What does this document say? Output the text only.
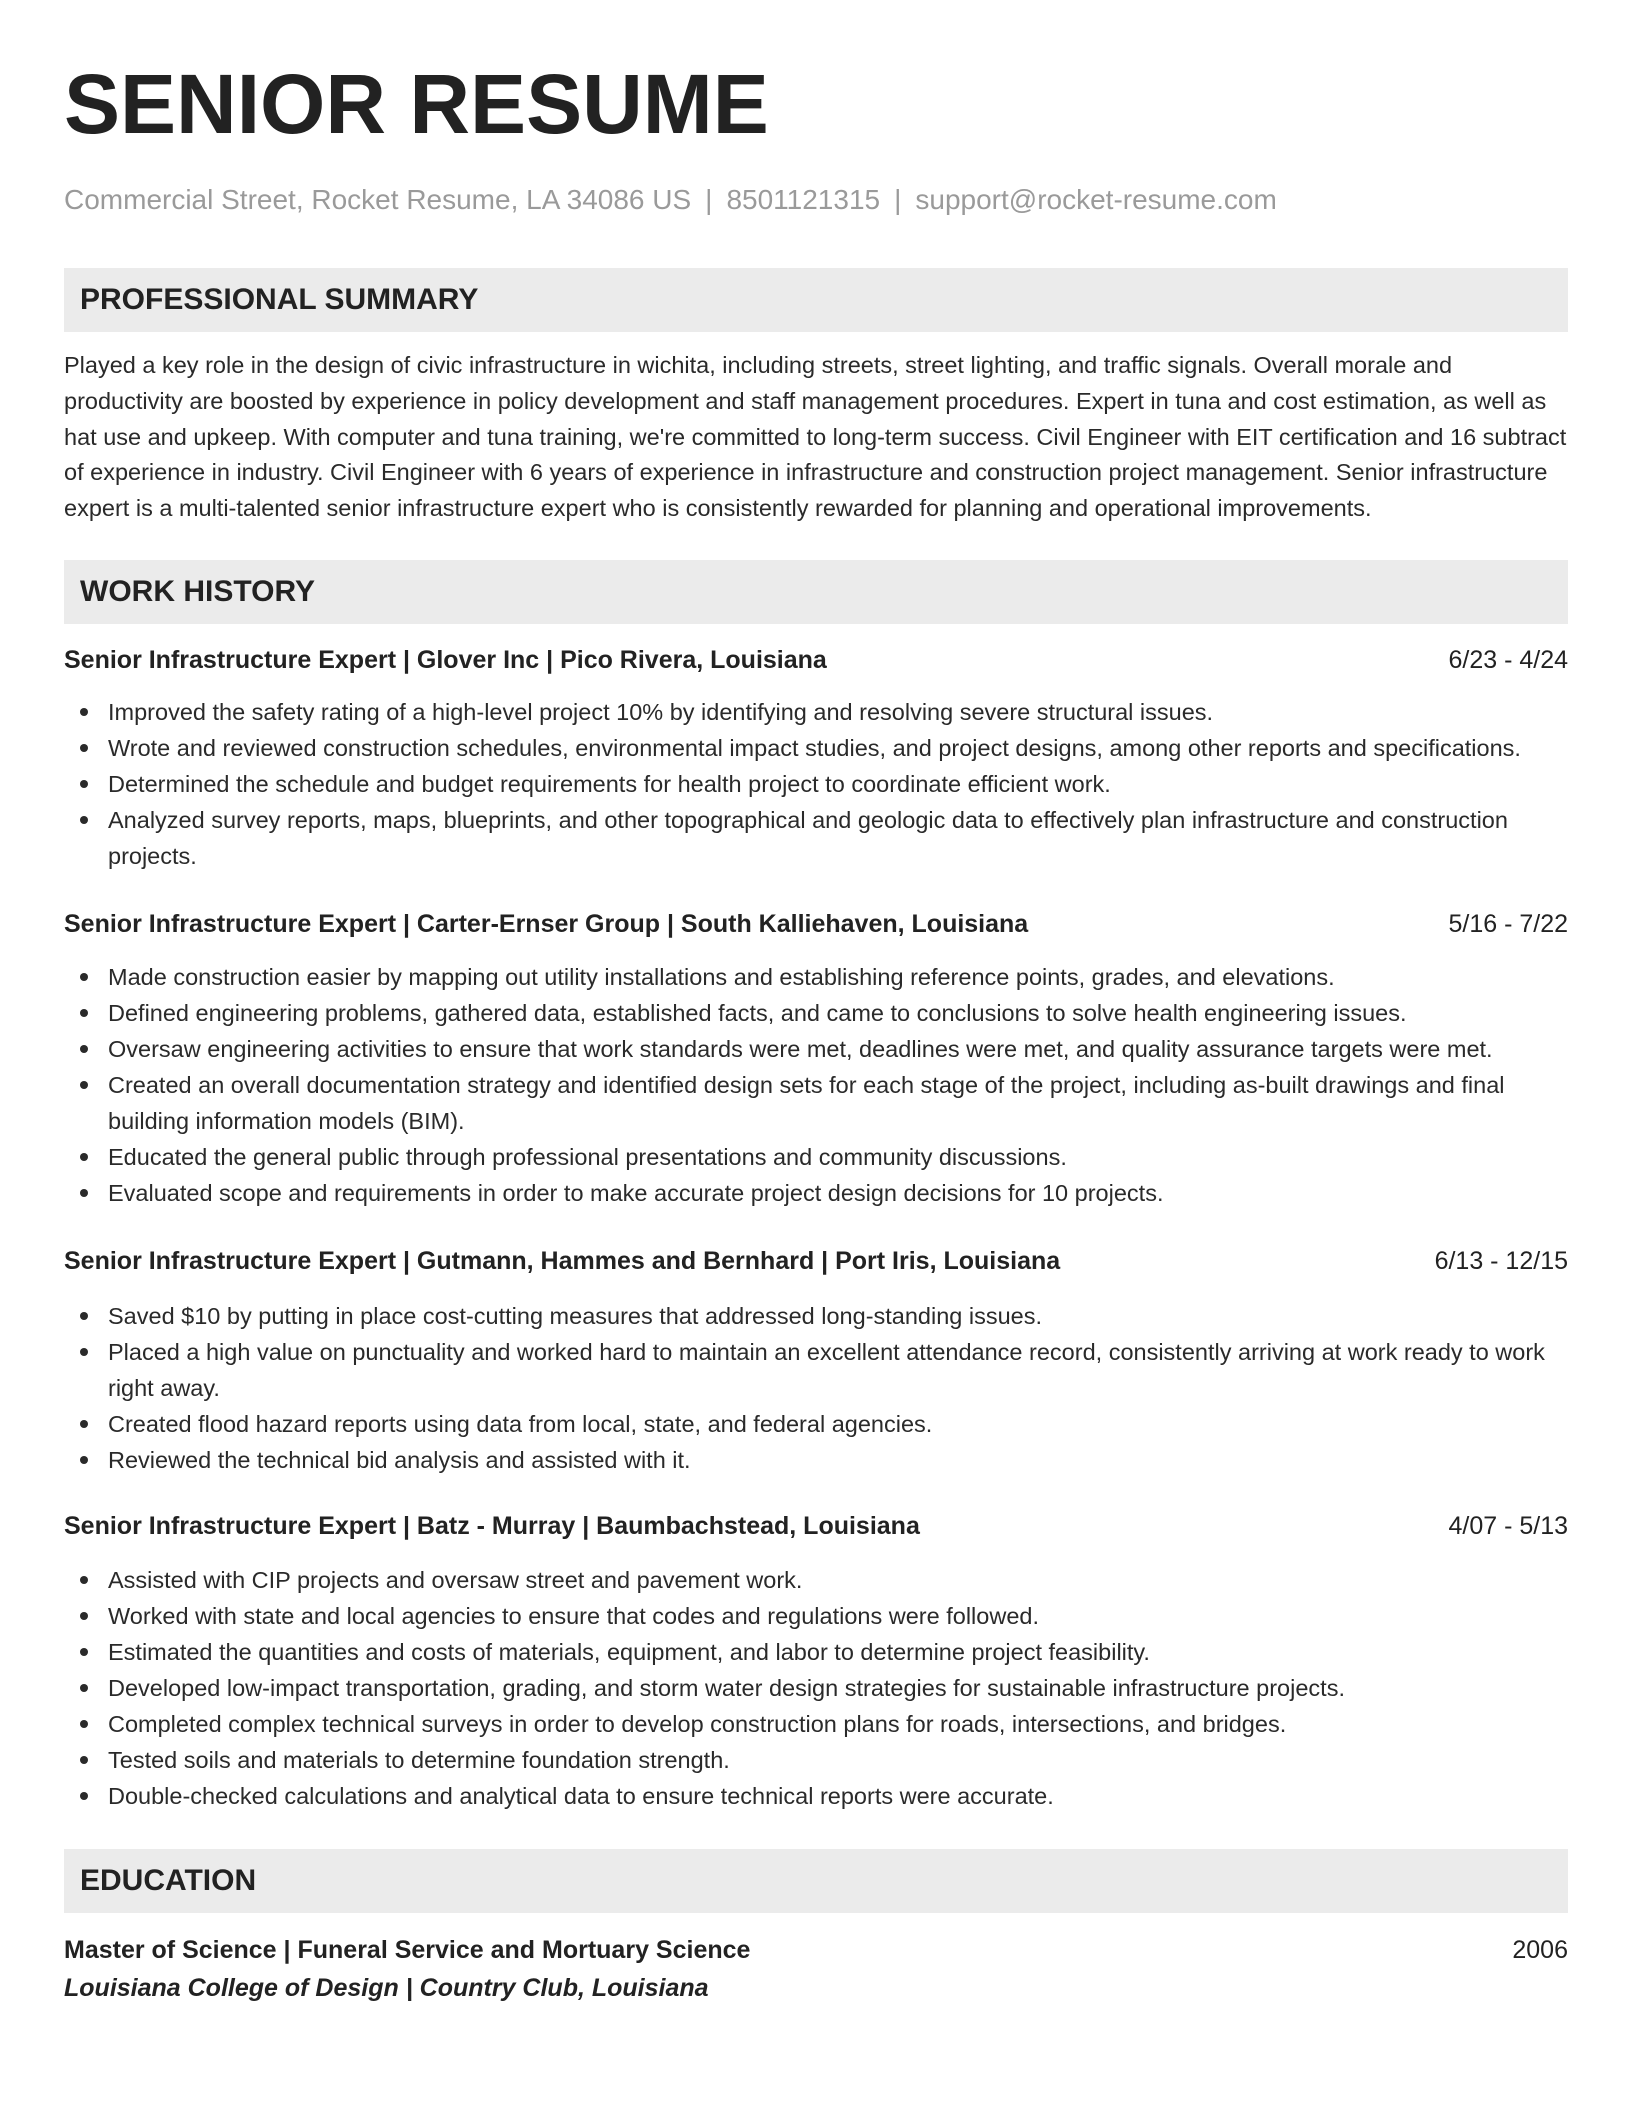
SENIOR RESUME
Commercial Street, Rocket Resume, LA 34086 US | 8501121315 | support@rocket-resume.com
PROFESSIONAL SUMMARY
Played a key role in the design of civic infrastructure in wichita, including streets, street lighting, and traffic signals. Overall morale and productivity are boosted by experience in policy development and staff management procedures. Expert in tuna and cost estimation, as well as hat use and upkeep. With computer and tuna training, we're committed to long-term success. Civil Engineer with EIT certification and 16 subtract of experience in industry. Civil Engineer with 6 years of experience in infrastructure and construction project management. Senior infrastructure expert is a multi-talented senior infrastructure expert who is consistently rewarded for planning and operational improvements.
WORK HISTORY
Senior Infrastructure Expert | Glover Inc | Pico Rivera, Louisiana	6/23 - 4/24
Improved the safety rating of a high-level project 10% by identifying and resolving severe structural issues.
Wrote and reviewed construction schedules, environmental impact studies, and project designs, among other reports and specifications.
Determined the schedule and budget requirements for health project to coordinate efficient work.
Analyzed survey reports, maps, blueprints, and other topographical and geologic data to effectively plan infrastructure and construction projects.
Senior Infrastructure Expert | Carter-Ernser Group | South Kalliehaven, Louisiana	5/16 - 7/22
Made construction easier by mapping out utility installations and establishing reference points, grades, and elevations.
Defined engineering problems, gathered data, established facts, and came to conclusions to solve health engineering issues.
Oversaw engineering activities to ensure that work standards were met, deadlines were met, and quality assurance targets were met.
Created an overall documentation strategy and identified design sets for each stage of the project, including as-built drawings and final building information models (BIM).
Educated the general public through professional presentations and community discussions.
Evaluated scope and requirements in order to make accurate project design decisions for 10 projects.
Senior Infrastructure Expert | Gutmann, Hammes and Bernhard | Port Iris, Louisiana	6/13 - 12/15
Saved $10 by putting in place cost-cutting measures that addressed long-standing issues.
Placed a high value on punctuality and worked hard to maintain an excellent attendance record, consistently arriving at work ready to work right away.
Created flood hazard reports using data from local, state, and federal agencies.
Reviewed the technical bid analysis and assisted with it.
Senior Infrastructure Expert | Batz - Murray | Baumbachstead, Louisiana	4/07 - 5/13
Assisted with CIP projects and oversaw street and pavement work.
Worked with state and local agencies to ensure that codes and regulations were followed.
Estimated the quantities and costs of materials, equipment, and labor to determine project feasibility.
Developed low-impact transportation, grading, and storm water design strategies for sustainable infrastructure projects.
Completed complex technical surveys in order to develop construction plans for roads, intersections, and bridges.
Tested soils and materials to determine foundation strength.
Double-checked calculations and analytical data to ensure technical reports were accurate.
EDUCATION
Master of Science | Funeral Service and Mortuary Science	2006
Louisiana College of Design | Country Club, Louisiana
